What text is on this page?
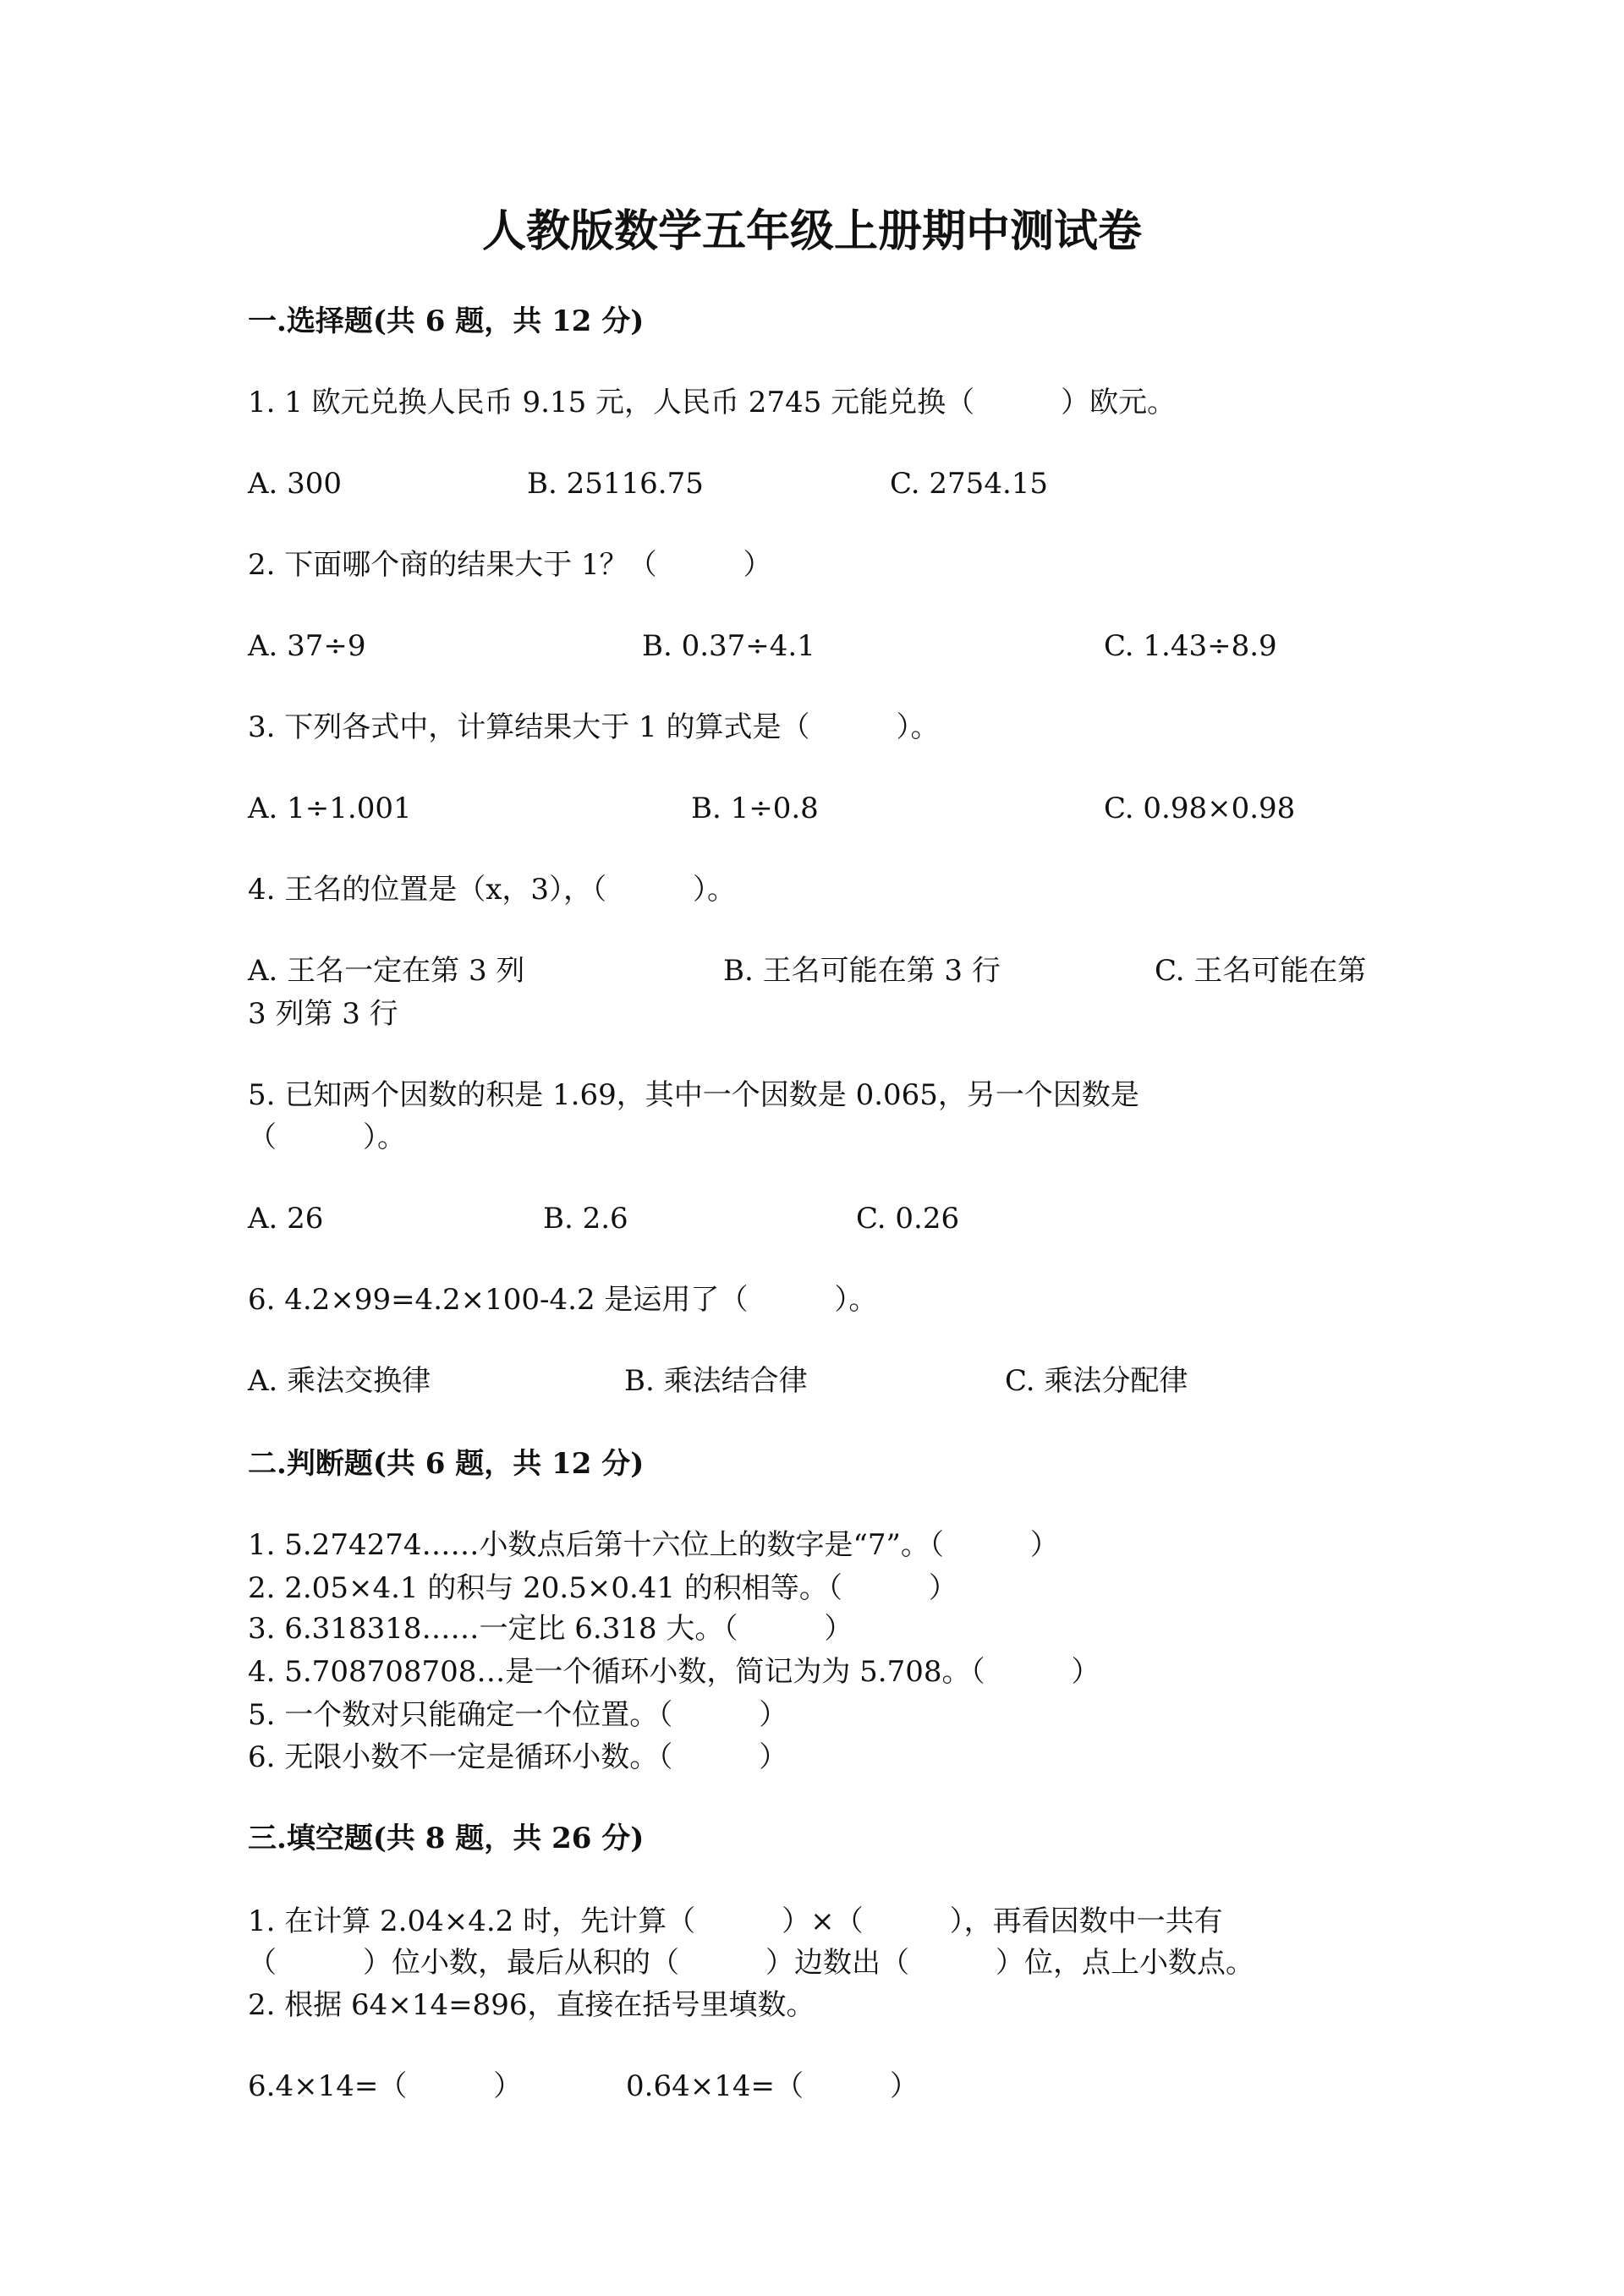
人教版数学五年级上册期中测试卷
一.选择题(共 6 题，共 12 分)
1. 1 欧元兑换人民币 9.15 元，人民币 2745 元能兑换（　　　）欧元。
A. 300	B. 25116.75	C. 2754.15
2. 下面哪个商的结果大于 1？（　　　）
A. 37÷9	B. 0.37÷4.1	C. 1.43÷8.9
3. 下列各式中，计算结果大于 1 的算式是（　　　）。
A. 1÷1.001	B. 1÷0.8	C. 0.98×0.98
4. 王名的位置是（x，3），（　　　）。
A. 王名一定在第 3 列	B. 王名可能在第 3 行	C. 王名可能在第
3 列第 3 行
5. 已知两个因数的积是 1.69，其中一个因数是 0.065，另一个因数是
（　　　）。
A. 26	B. 2.6	C. 0.26
6. 4.2×99=4.2×100-4.2 是运用了（　　　）。
A. 乘法交换律	B. 乘法结合律	C. 乘法分配律
二.判断题(共 6 题，共 12 分)
1. 5.274274……小数点后第十六位上的数字是“7”。（　　　）
2. 2.05×4.1 的积与 20.5×0.41 的积相等。（　　　）
3. 6.318318……一定比 6.318 大。（　　　）
4. 5.708708708…是一个循环小数，简记为为 5.708。（　　　）
5. 一个数对只能确定一个位置。（　　　）
6. 无限小数不一定是循环小数。（　　　）
三.填空题(共 8 题，共 26 分)
1. 在计算 2.04×4.2 时，先计算（　　　）×（　　　），再看因数中一共有
（　　　）位小数，最后从积的（　　　）边数出（　　　）位，点上小数点。
2. 根据 64×14=896，直接在括号里填数。
6.4×14=（　　　）	0.64×14=（　　　）
